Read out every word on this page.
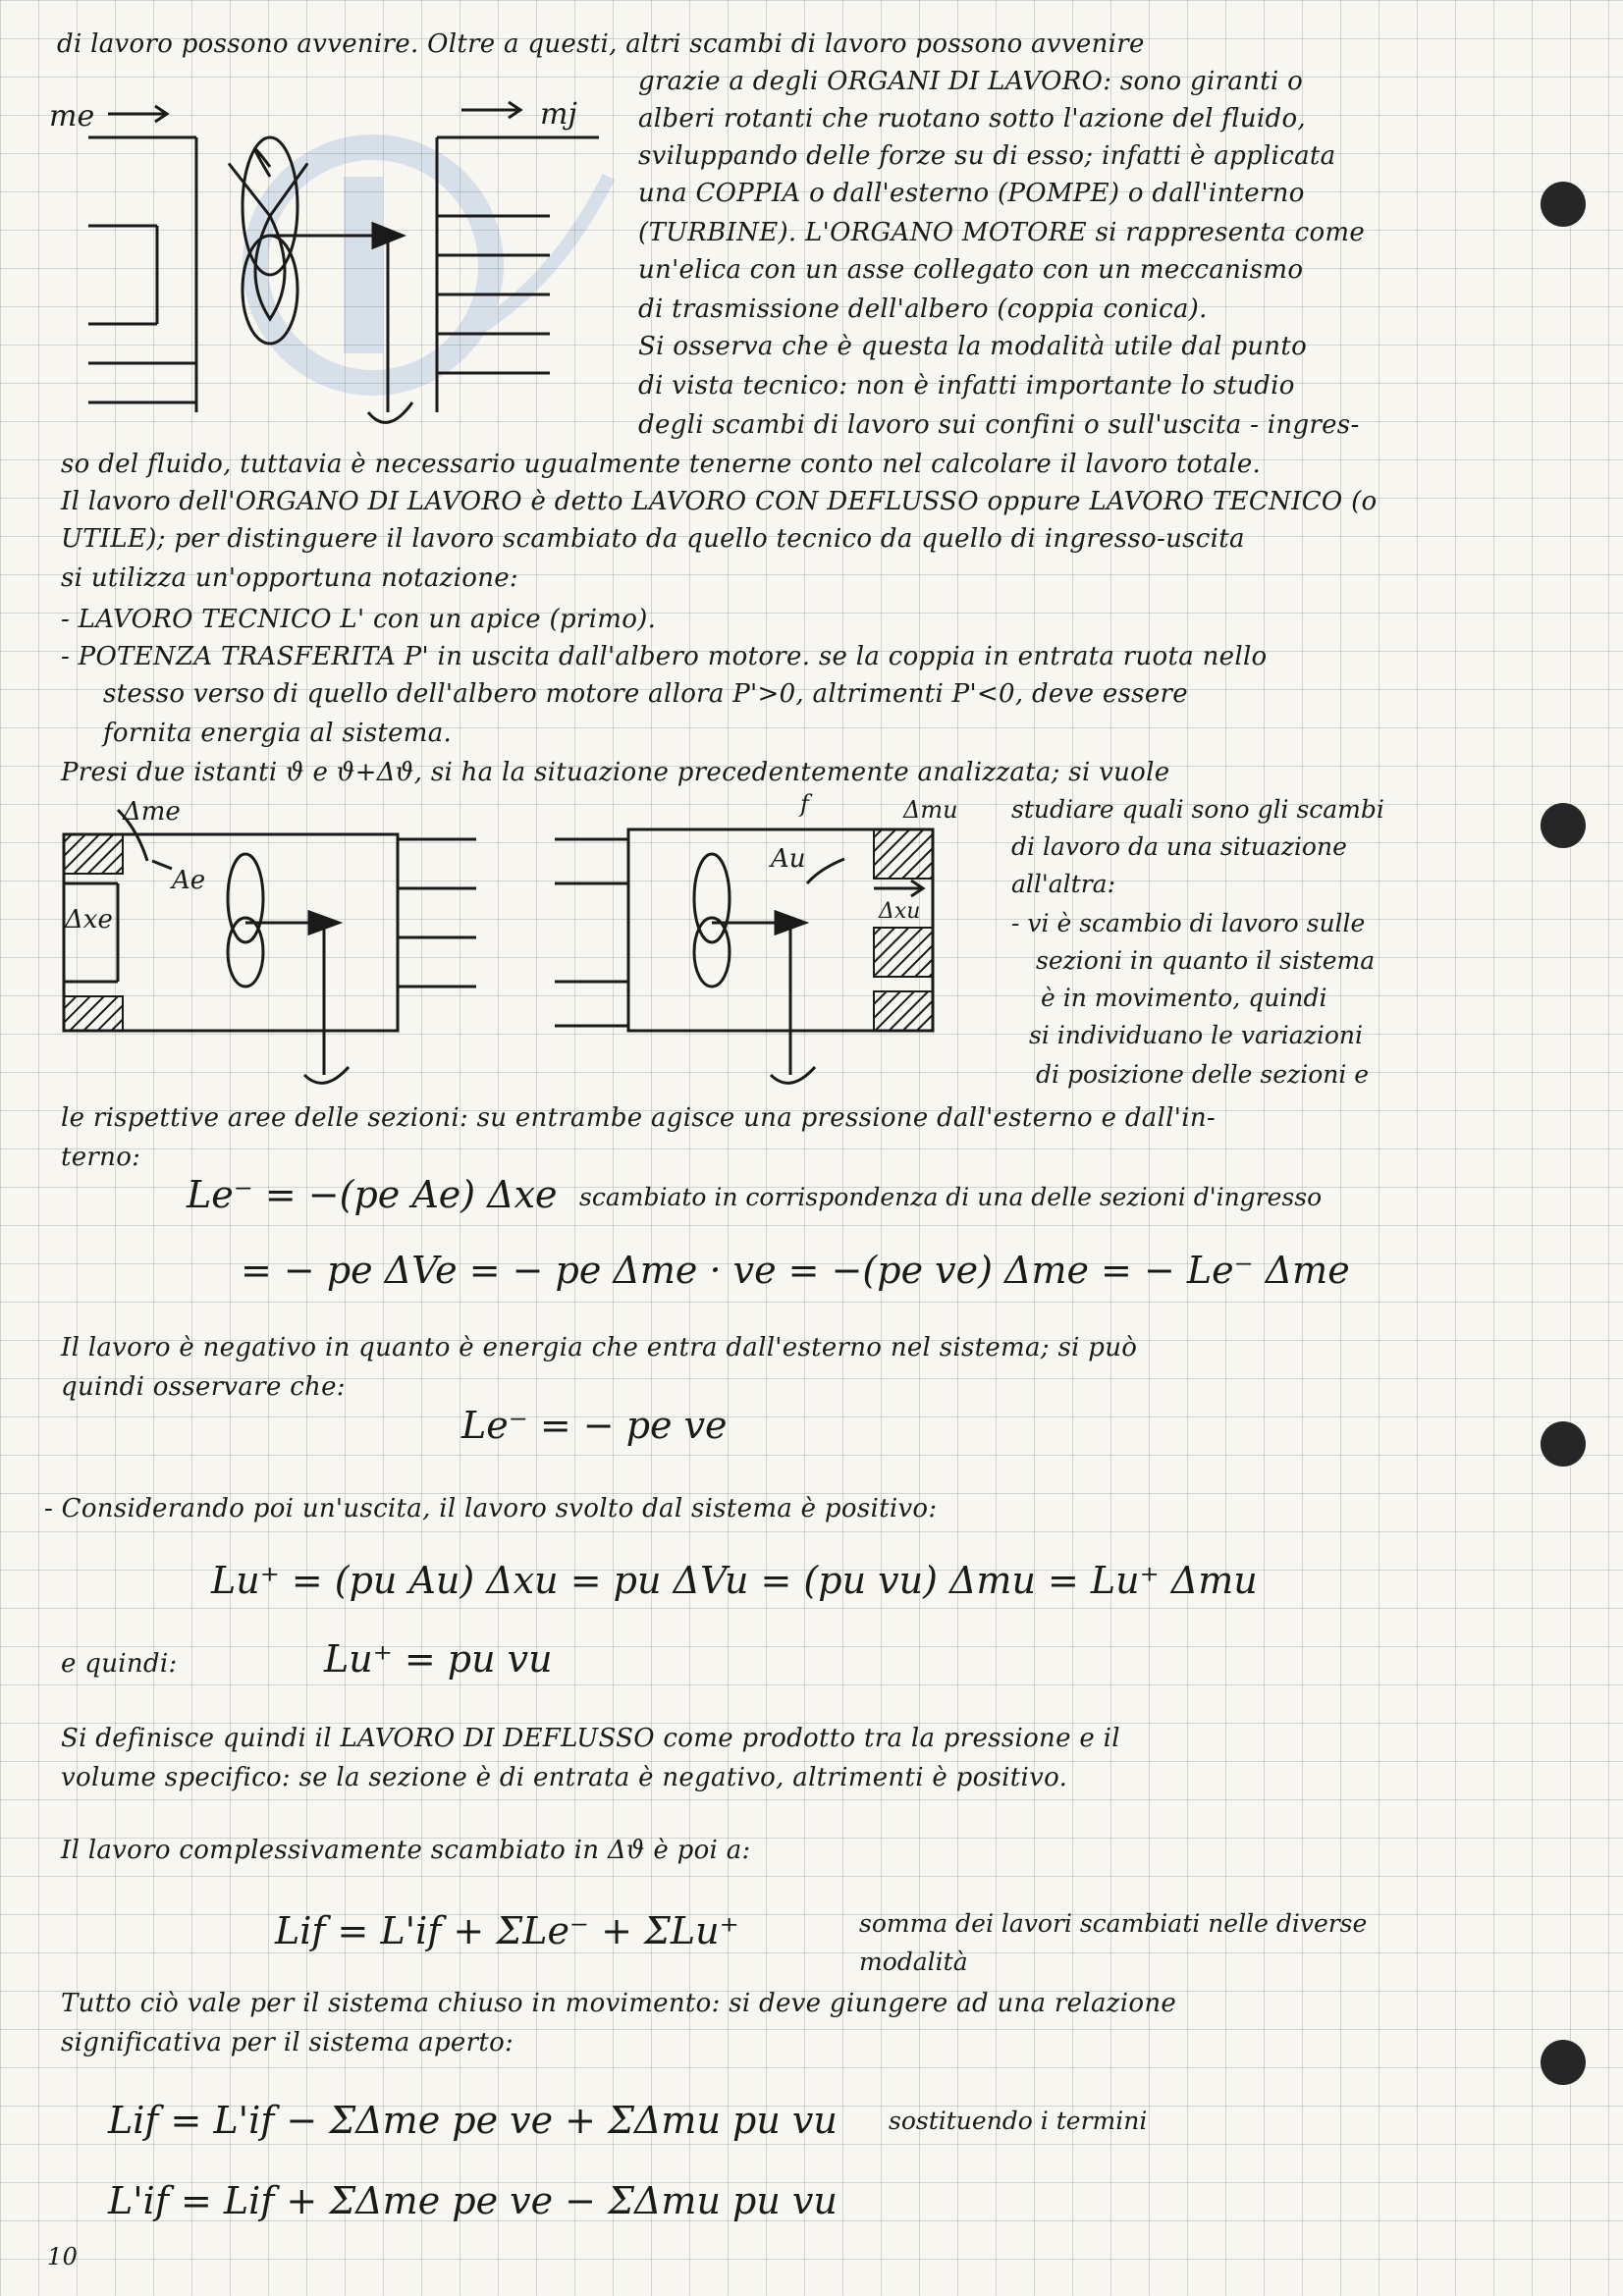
me	mj
Δme
Ae
Δxe
f	Δmu
Au
Δxu
di lavoro possono avvenire. Oltre a questi, altri scambi di lavoro possono avvenire
grazie a degli ORGANI DI LAVORO: sono giranti o
alberi rotanti che ruotano sotto l'azione del fluido,
sviluppando delle forze su di esso; infatti è applicata
una COPPIA o dall'esterno (POMPE) o dall'interno
(TURBINE). L'ORGANO MOTORE si rappresenta come
un'elica con un asse collegato con un meccanismo
di trasmissione dell'albero (coppia conica).
Si osserva che è questa la modalità utile dal punto
di vista tecnico: non è infatti importante lo studio
degli scambi di lavoro sui confini o sull'uscita - ingres-
so del fluido, tuttavia è necessario ugualmente tenerne conto nel calcolare il lavoro totale.
Il lavoro dell'ORGANO DI LAVORO è detto LAVORO CON DEFLUSSO oppure LAVORO TECNICO (o
UTILE); per distinguere il lavoro scambiato da quello tecnico da quello di ingresso-uscita
si utilizza un'opportuna notazione:
- LAVORO TECNICO L' con un apice (primo).
- POTENZA TRASFERITA P' in uscita dall'albero motore. se la coppia in entrata ruota nello
stesso verso di quello dell'albero motore allora P'>0, altrimenti P'<0, deve essere
fornita energia al sistema.
Presi due istanti ϑ e ϑ+Δϑ, si ha la situazione precedentemente analizzata; si vuole
studiare quali sono gli scambi
di lavoro da una situazione
all'altra:
- vi è scambio di lavoro sulle
sezioni in quanto il sistema
è in movimento, quindi
si individuano le variazioni
di posizione delle sezioni e
le rispettive aree delle sezioni: su entrambe agisce una pressione dall'esterno e dall'in-
terno:
Le⁻ = −(pe Ae) Δxe scambiato in corrispondenza di una delle sezioni d'ingresso
= − pe ΔVe = − pe Δme · ve = −(pe ve) Δme = − Le⁻ Δme
Il lavoro è negativo in quanto è energia che entra dall'esterno nel sistema; si può
quindi osservare che:
Le⁻ = − pe ve
- Considerando poi un'uscita, il lavoro svolto dal sistema è positivo:
Lu⁺ = (pu Au) Δxu = pu ΔVu = (pu vu) Δmu = Lu⁺ Δmu
e quindi:	Lu⁺ = pu vu
Si definisce quindi il LAVORO DI DEFLUSSO come prodotto tra la pressione e il
volume specifico: se la sezione è di entrata è negativo, altrimenti è positivo.
Il lavoro complessivamente scambiato in Δϑ è poi a:
Lif = L'if + ΣLe⁻ + ΣLu⁺	somma dei lavori scambiati nelle diverse
modalità
Tutto ciò vale per il sistema chiuso in movimento: si deve giungere ad una relazione
significativa per il sistema aperto:
Lif = L'if − ΣΔme pe ve + ΣΔmu pu vu sostituendo i termini
L'if = Lif + ΣΔme pe ve − ΣΔmu pu vu
10
